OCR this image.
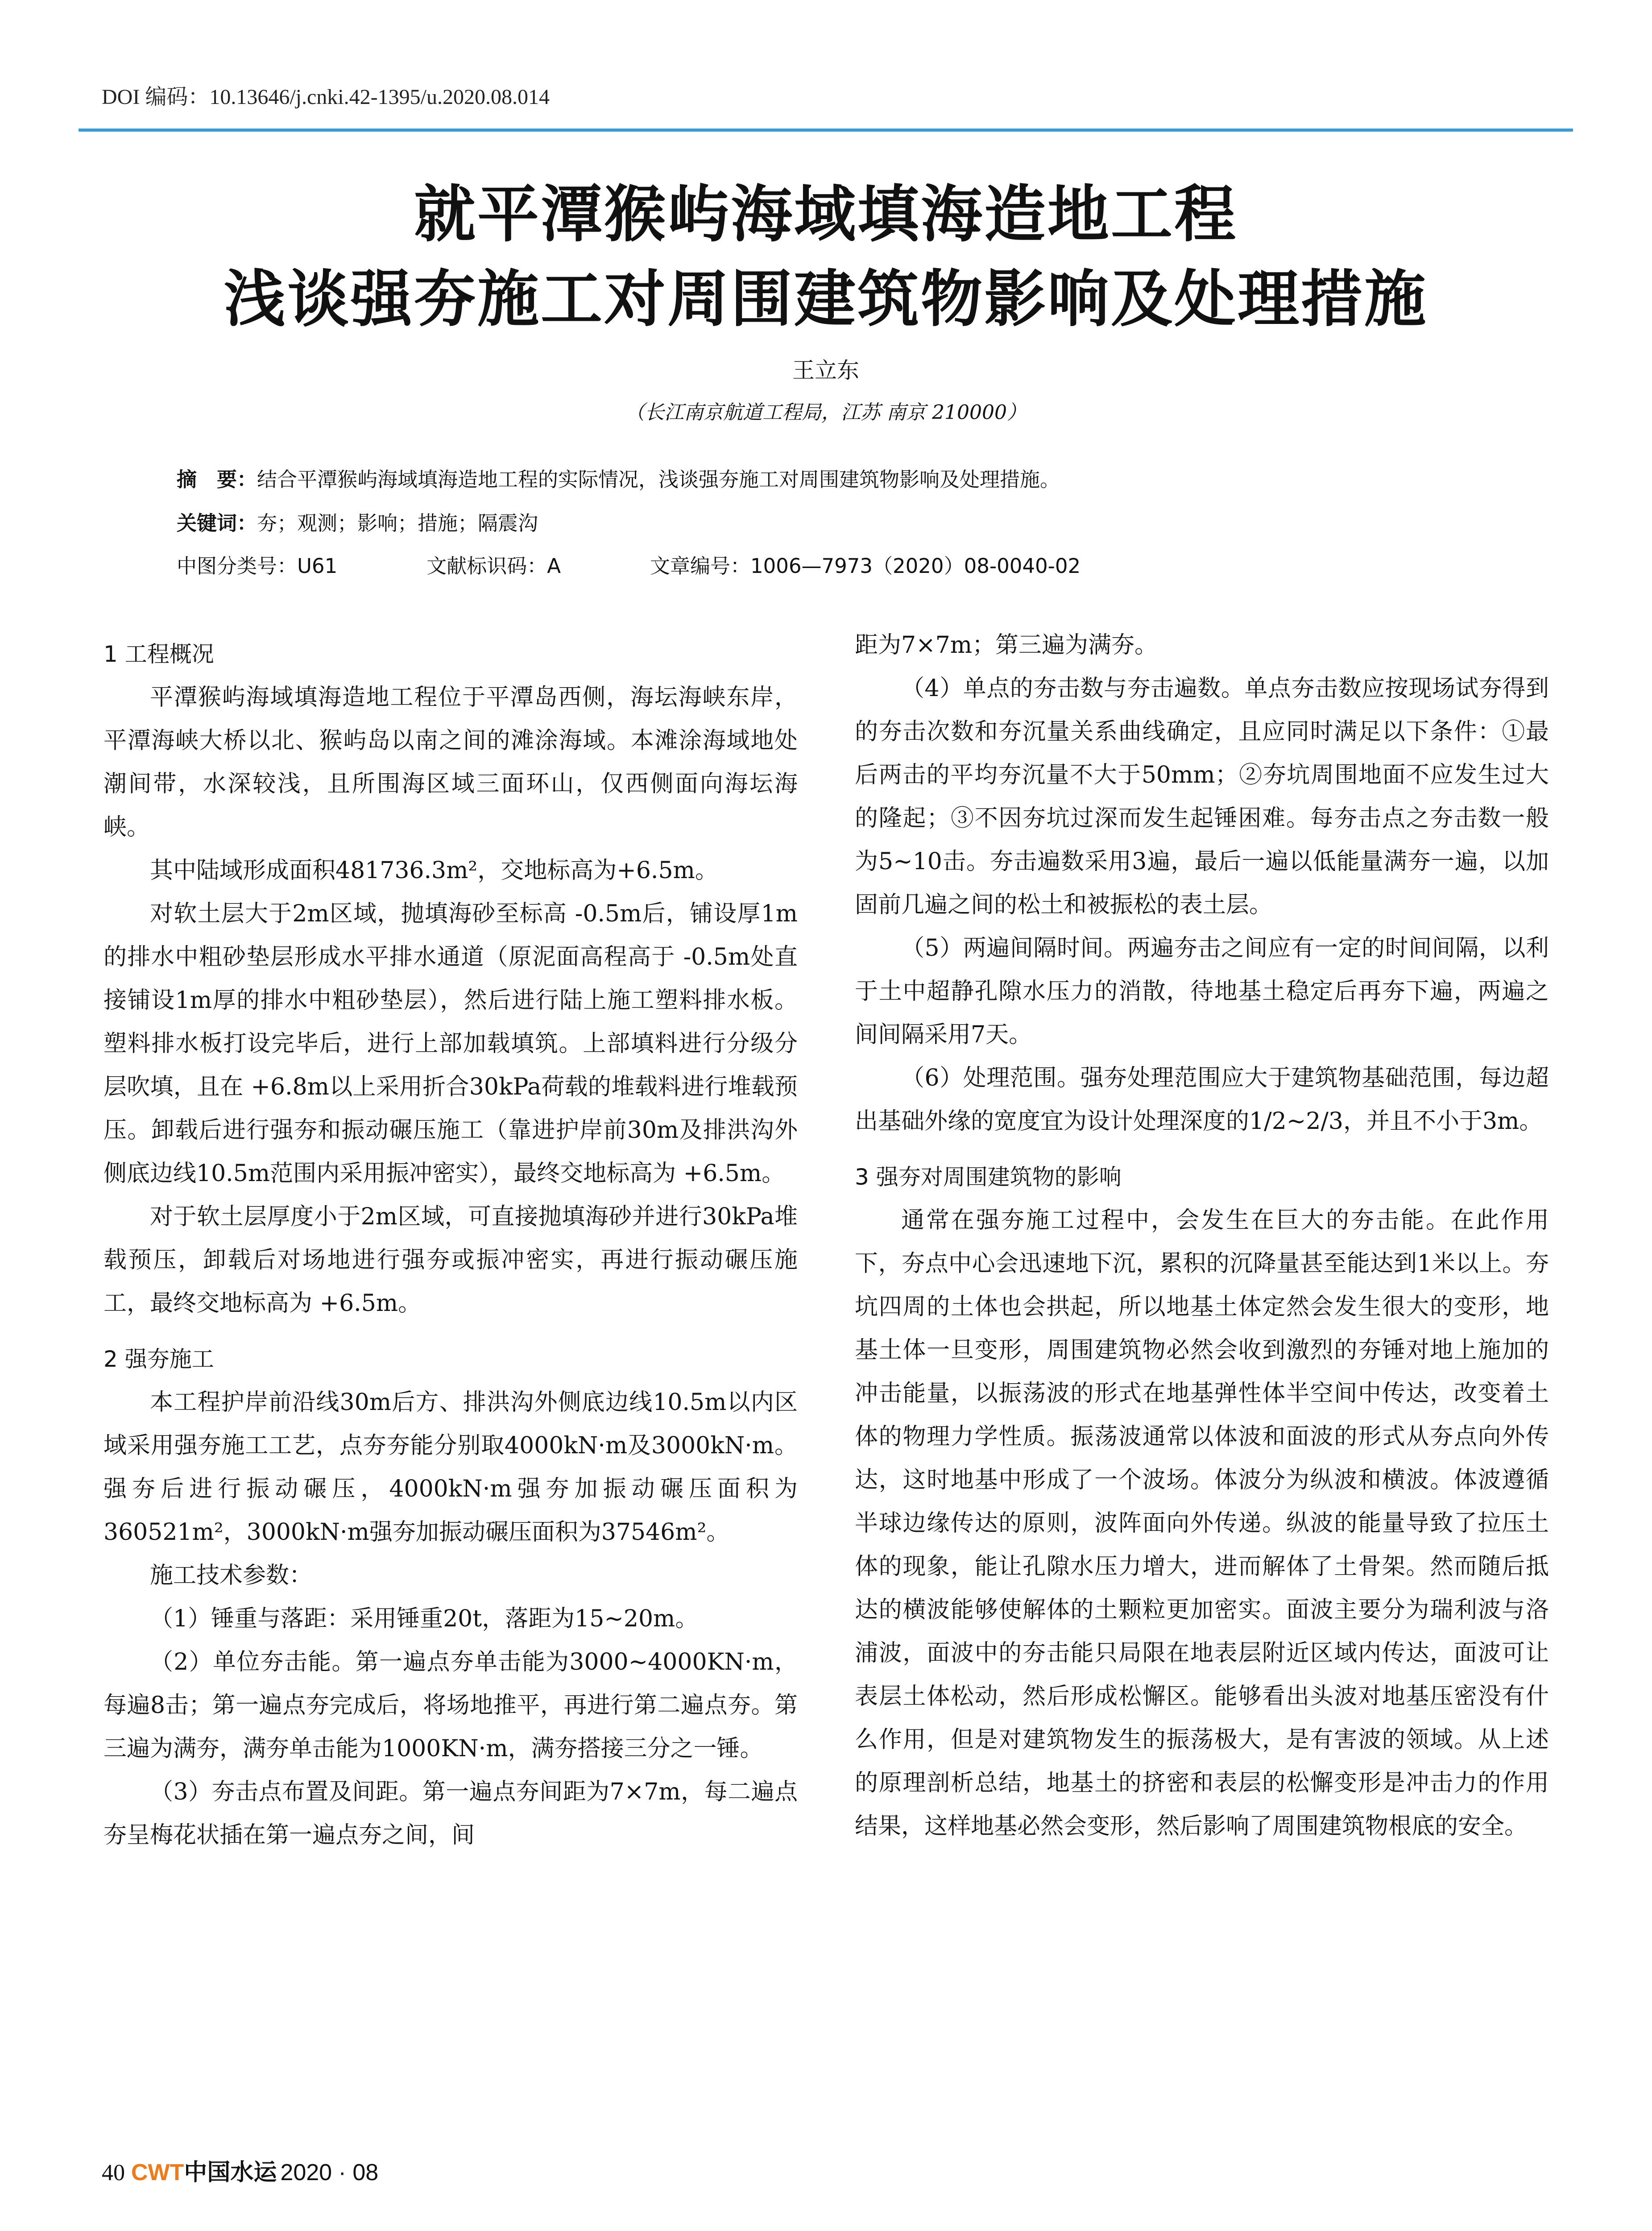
DOI 编码：10.13646/j.cnki.42-1395/u.2020.08.014
就平潭猴屿海域填海造地工程
浅谈强夯施工对周围建筑物影响及处理措施
王立东
（长江南京航道工程局，江苏 南京 210000）
摘　要：结合平潭猴屿海域填海造地工程的实际情况，浅谈强夯施工对周围建筑物影响及处理措施。
关键词：夯；观测；影响；措施；隔震沟
中图分类号：U61	文献标识码：A	文章编号：1006—7973（2020）08-0040-02
1 工程概况

平潭猴屿海域填海造地工程位于平潭岛西侧，海坛海峡东岸，平潭海峡大桥以北、猴屿岛以南之间的滩涂海域。本滩涂海域地处潮间带，水深较浅，且所围海区域三面环山，仅西侧面向海坛海峡。

其中陆域形成面积481736.3m²，交地标高为+6.5m。

对软土层大于2m区域，抛填海砂至标高 -0.5m后，铺设厚1m的排水中粗砂垫层形成水平排水通道（原泥面高程高于 -0.5m处直接铺设1m厚的排水中粗砂垫层），然后进行陆上施工塑料排水板。塑料排水板打设完毕后，进行上部加载填筑。上部填料进行分级分层吹填，且在 +6.8m以上采用折合30kPa荷载的堆载料进行堆载预压。卸载后进行强夯和振动碾压施工（靠进护岸前30m及排洪沟外侧底边线10.5m范围内采用振冲密实），最终交地标高为 +6.5m。

对于软土层厚度小于2m区域，可直接抛填海砂并进行30kPa堆载预压，卸载后对场地进行强夯或振冲密实，再进行振动碾压施工，最终交地标高为 +6.5m。

2 强夯施工

本工程护岸前沿线30m后方、排洪沟外侧底边线10.5m以内区域采用强夯施工工艺，点夯夯能分别取4000kN·m及3000kN·m。强夯后进行振动碾压，4000kN·m强夯加振动碾压面积为360521m²，3000kN·m强夯加振动碾压面积为37546m²。

施工技术参数：

（1）锤重与落距：采用锤重20t，落距为15~20m。

（2）单位夯击能。第一遍点夯单击能为3000~4000KN·m，每遍8击；第一遍点夯完成后，将场地推平，再进行第二遍点夯。第三遍为满夯，满夯单击能为1000KN·m，满夯搭接三分之一锤。

（3）夯击点布置及间距。第一遍点夯间距为7×7m，每二遍点夯呈梅花状插在第一遍点夯之间，间

距为7×7m；第三遍为满夯。

（4）单点的夯击数与夯击遍数。单点夯击数应按现场试夯得到的夯击次数和夯沉量关系曲线确定，且应同时满足以下条件：①最后两击的平均夯沉量不大于50mm；②夯坑周围地面不应发生过大的隆起；③不因夯坑过深而发生起锤困难。每夯击点之夯击数一般为5~10击。夯击遍数采用3遍，最后一遍以低能量满夯一遍，以加固前几遍之间的松土和被振松的表土层。

（5）两遍间隔时间。两遍夯击之间应有一定的时间间隔，以利于土中超静孔隙水压力的消散，待地基土稳定后再夯下遍，两遍之间间隔采用7天。

（6）处理范围。强夯处理范围应大于建筑物基础范围，每边超出基础外缘的宽度宜为设计处理深度的1/2~2/3，并且不小于3m。

3 强夯对周围建筑物的影响

通常在强夯施工过程中，会发生在巨大的夯击能。在此作用下，夯点中心会迅速地下沉，累积的沉降量甚至能达到1米以上。夯坑四周的土体也会拱起，所以地基土体定然会发生很大的变形，地基土体一旦变形，周围建筑物必然会收到激烈的夯锤对地上施加的冲击能量，以振荡波的形式在地基弹性体半空间中传达，改变着土体的物理力学性质。振荡波通常以体波和面波的形式从夯点向外传达，这时地基中形成了一个波场。体波分为纵波和横波。体波遵循半球边缘传达的原则，波阵面向外传递。纵波的能量导致了拉压土体的现象，能让孔隙水压力增大，进而解体了土骨架。然而随后抵达的横波能够使解体的土颗粒更加密实。面波主要分为瑞利波与洛浦波，面波中的夯击能只局限在地表层附近区域内传达，面波可让表层土体松动，然后形成松懈区。能够看出头波对地基压密没有什么作用，但是对建筑物发生的振荡极大，是有害波的领域。从上述的原理剖析总结，地基土的挤密和表层的松懈变形是冲击力的作用结果，这样地基必然会变形，然后影响了周围建筑物根底的安全。

40 CWT中国水运 2020 · 08
